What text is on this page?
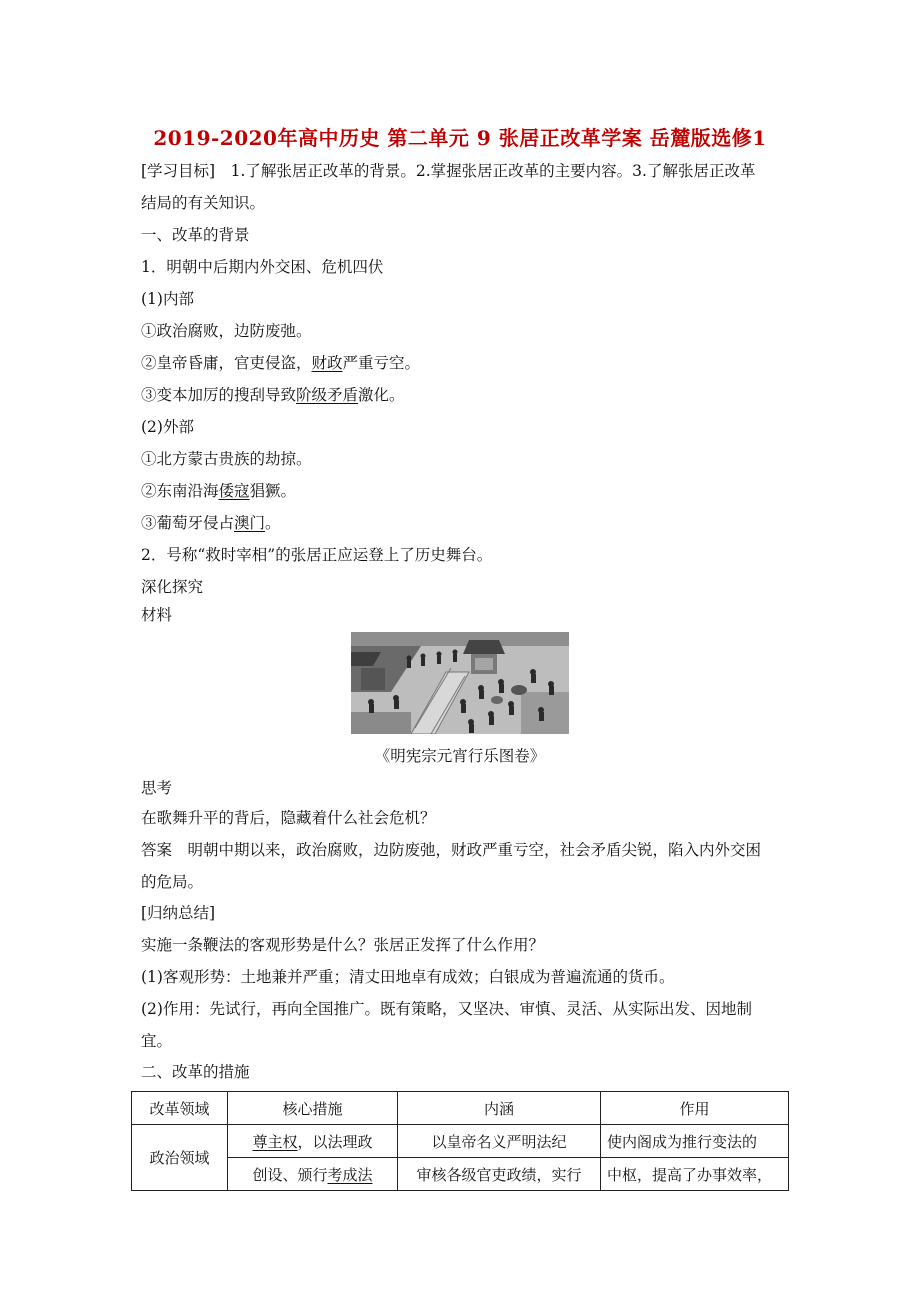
2019-2020年高中历史 第二单元 9 张居正改革学案 岳麓版选修1
[学习目标]　1.了解张居正改革的背景。2.掌握张居正改革的主要内容。3.了解张居正改革
结局的有关知识。
一、改革的背景
1．明朝中后期内外交困、危机四伏
(1)内部
①政治腐败，边防废弛。
②皇帝昏庸，官吏侵盗，财政严重亏空。
③变本加厉的搜刮导致阶级矛盾激化。
(2)外部
①北方蒙古贵族的劫掠。
②东南沿海倭寇猖獗。
③葡萄牙侵占澳门。
2．号称“救时宰相”的张居正应运登上了历史舞台。
深化探究
材料
《明宪宗元宵行乐图卷》
思考
在歌舞升平的背后，隐藏着什么社会危机？
答案　明朝中期以来，政治腐败，边防废弛，财政严重亏空，社会矛盾尖锐，陷入内外交困
的危局。
[归纳总结]
实施一条鞭法的客观形势是什么？张居正发挥了什么作用？
(1)客观形势：土地兼并严重；清丈田地卓有成效；白银成为普遍流通的货币。
(2)作用：先试行，再向全国推广。既有策略，又坚决、审慎、灵活、从实际出发、因地制
宜。
二、改革的措施
改革领域	核心措施	内涵	作用
政治领域	尊主权，以法理政	以皇帝名义严明法纪	使内阁成为推行变法的
	创设、颁行考成法	审核各级官吏政绩，实行	中枢，提高了办事效率，
